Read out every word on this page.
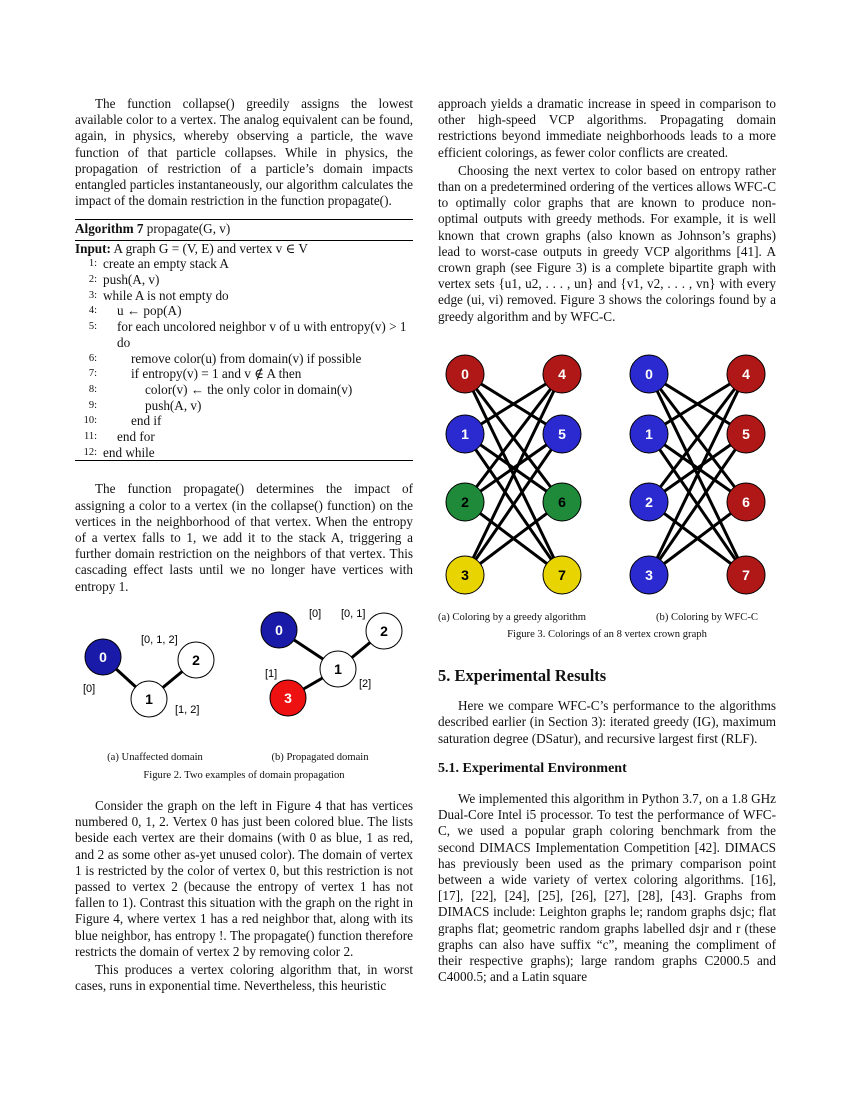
The function collapse() greedily assigns the lowest available color to a vertex. The analog equivalent can be found, again, in physics, whereby observing a particle, the wave function of that particle collapses. While in physics, the propagation of restriction of a particle’s domain impacts entangled particles instantaneously, our algorithm calculates the impact of the domain restriction in the function propagate().

Algorithm 7 propagate(G, v)
Input: A graph G = (V, E) and vertex v ∈ V
1: create an empty stack A
2: push(A, v)
3: while A is not empty do
4:	u ← pop(A)
5:	for each uncolored neighbor v of u with entropy(v) > 1 do
6:	remove color(u) from domain(v) if possible
7:	if entropy(v) = 1 and v ∉ A then
8:	color(v) ← the only color in domain(v)
9:	push(A, v)
10:	end if
11:	end for
12: end while

The function propagate() determines the impact of assigning a color to a vertex (in the collapse() function) on the vertices in the neighborhood of that vertex. When the entropy of a vertex falls to 1, we add it to the stack A, triggering a further domain restriction on the neighbors of that vertex. This cascading effect lasts until we no longer have vertices with entropy 1.

0
1
2
[0]
[1, 2]
[0, 1, 2]
0
1
2
3
[0]
[2]
[0, 1]
[1]
(a) Unaffected domain	(b) Propagated domain
Figure 2. Two examples of domain propagation

Consider the graph on the left in Figure 4 that has vertices numbered 0, 1, 2. Vertex 0 has just been colored blue. The lists beside each vertex are their domains (with 0 as blue, 1 as red, and 2 as some other as-yet unused color). The domain of vertex 1 is restricted by the color of vertex 0, but this restriction is not passed to vertex 2 (because the entropy of vertex 1 has not fallen to 1). Contrast this situation with the graph on the right in Figure 4, where vertex 1 has a red neighbor that, along with its blue neighbor, has entropy !. The propagate() function therefore restricts the domain of vertex 2 by removing color 2.

This produces a vertex coloring algorithm that, in worst cases, runs in exponential time. Nevertheless, this heuristic

approach yields a dramatic increase in speed in comparison to other high-speed VCP algorithms. Propagating domain restrictions beyond immediate neighborhoods leads to a more efficient colorings, as fewer color conflicts are created.

Choosing the next vertex to color based on entropy rather than on a predetermined ordering of the vertices allows WFC-C to optimally color graphs that are known to produce non-optimal outputs with greedy methods. For example, it is well known that crown graphs (also known as Johnson’s graphs) lead to worst-case outputs in greedy VCP algorithms [41]. A crown graph (see Figure 3) is a complete bipartite graph with vertex sets {u1, u2, . . . , un} and {v1, v2, . . . , vn} with every edge (ui, vi) removed. Figure 3 shows the colorings found by a greedy algorithm and by WFC-C.

0
1
2
3
4
5
6
7
0
1
2
3
4
5
6
7
(a) Coloring by a greedy algorithm	(b) Coloring by WFC-C
Figure 3. Colorings of an 8 vertex crown graph
5. Experimental Results

Here we compare WFC-C’s performance to the algorithms described earlier (in Section 3): iterated greedy (IG), maximum saturation degree (DSatur), and recursive largest first (RLF).

5.1. Experimental Environment

We implemented this algorithm in Python 3.7, on a 1.8 GHz Dual-Core Intel i5 processor. To test the performance of WFC-C, we used a popular graph coloring benchmark from the second DIMACS Implementation Competition [42]. DIMACS has previously been used as the primary comparison point between a wide variety of vertex coloring algorithms. [16], [17], [22], [24], [25], [26], [27], [28], [43]. Graphs from DIMACS include: Leighton graphs le; random graphs dsjc; flat graphs flat; geometric random graphs labelled dsjr and r (these graphs can also have suffix “c”, meaning the compliment of their respective graphs); large random graphs C2000.5 and C4000.5; and a Latin square
